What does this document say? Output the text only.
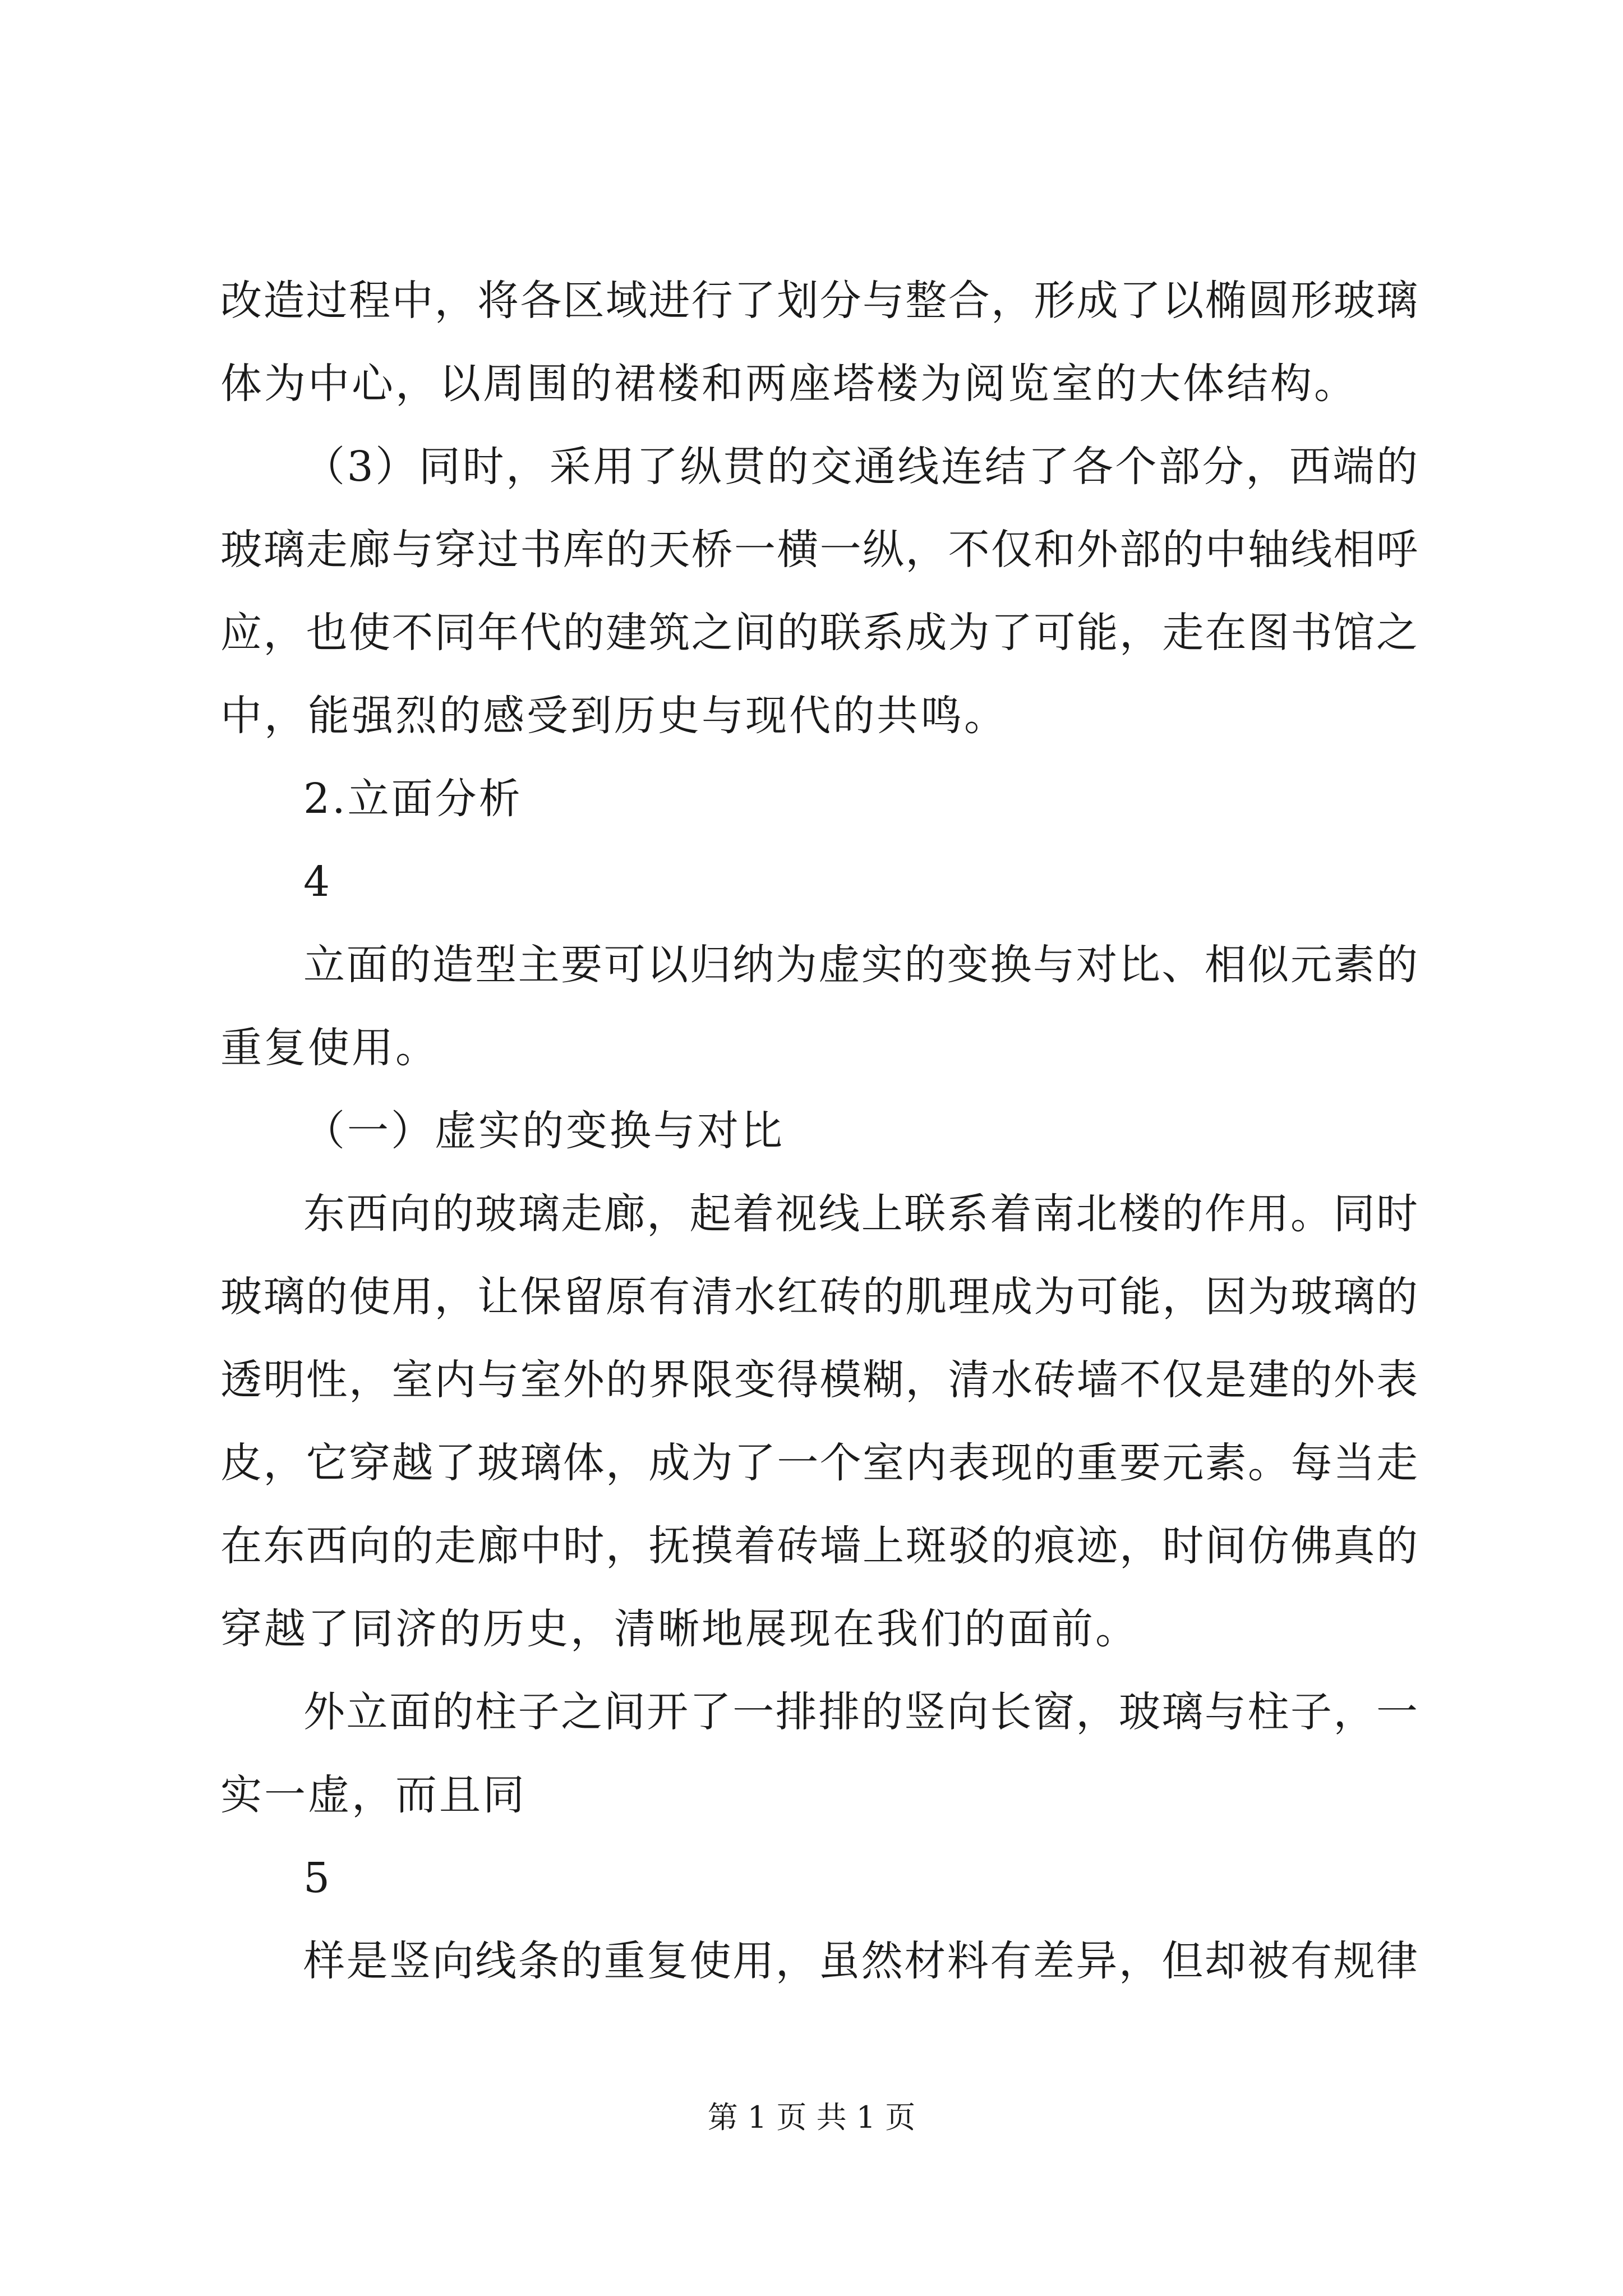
改造过程中，将各区域进行了划分与整合，形成了以椭圆形玻璃
体为中心，以周围的裙楼和两座塔楼为阅览室的大体结构。
（3）同时，采用了纵贯的交通线连结了各个部分，西端的
玻璃走廊与穿过书库的天桥一横一纵，不仅和外部的中轴线相呼
应，也使不同年代的建筑之间的联系成为了可能，走在图书馆之
中，能强烈的感受到历史与现代的共鸣。
2.立面分析
4
立面的造型主要可以归纳为虚实的变换与对比、相似元素的
重复使用。
（一）虚实的变换与对比
东西向的玻璃走廊，起着视线上联系着南北楼的作用。同时
玻璃的使用，让保留原有清水红砖的肌理成为可能，因为玻璃的
透明性，室内与室外的界限变得模糊，清水砖墙不仅是建的外表
皮，它穿越了玻璃体，成为了一个室内表现的重要元素。每当走
在东西向的走廊中时，抚摸着砖墙上斑驳的痕迹，时间仿佛真的
穿越了同济的历史，清晰地展现在我们的面前。
外立面的柱子之间开了一排排的竖向长窗，玻璃与柱子，一
实一虚，而且同
5
样是竖向线条的重复使用，虽然材料有差异，但却被有规律
第 1 页 共 1 页
